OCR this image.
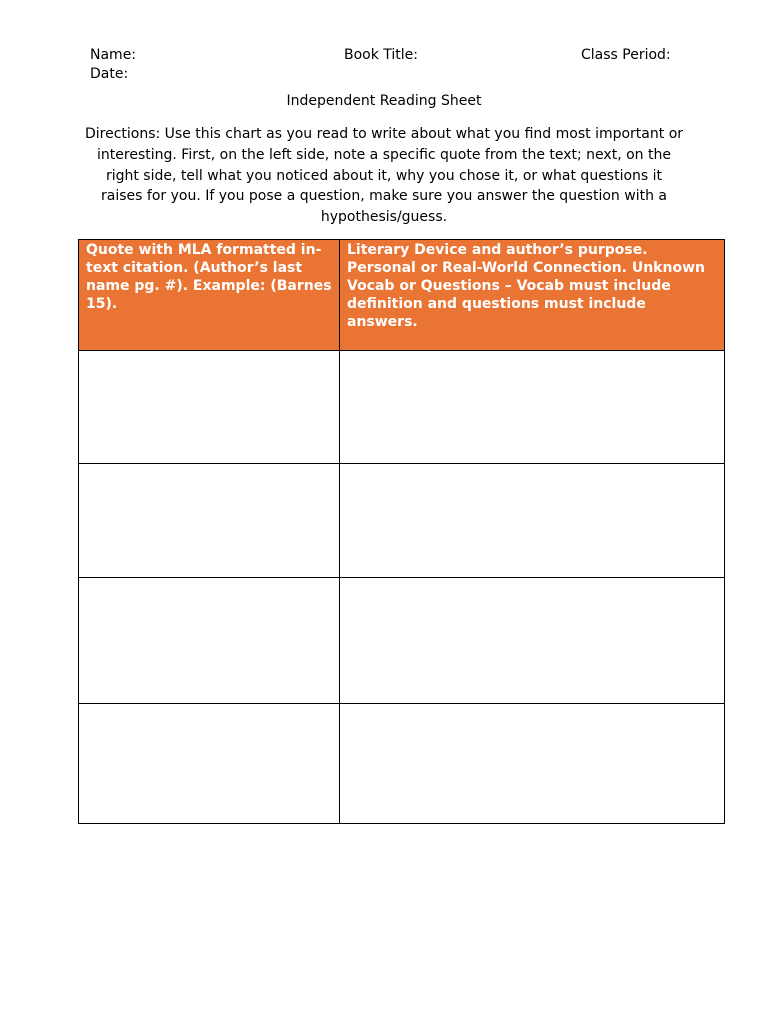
Name:
Date:
Book Title:	Class Period:
Independent Reading Sheet
Directions: Use this chart as you read to write about what you find most important or interesting. First, on the left side, note a specific quote from the text; next, on the right side, tell what you noticed about it, why you chose it, or what questions it raises for you. If you pose a question, make sure you answer the question with a hypothesis/guess.
Quote with MLA formatted in-text citation. (Author’s last name pg. #). Example: (Barnes 15).	Literary Device and author’s purpose. Personal or Real-World Connection. Unknown Vocab or Questions – Vocab must include definition and questions must include answers.
